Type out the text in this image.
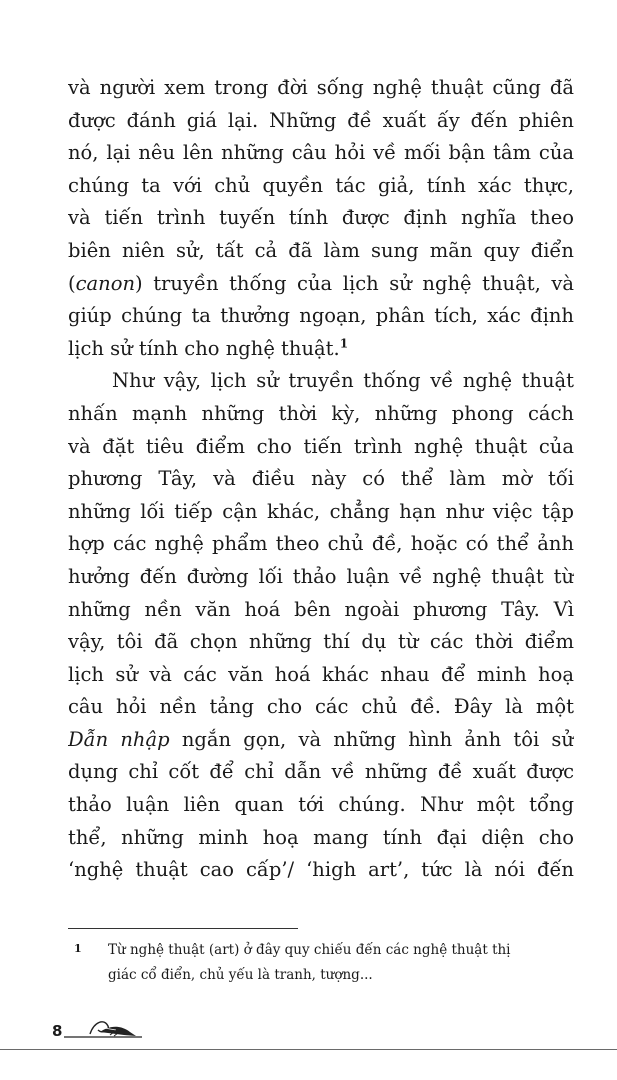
và người xem trong đời sống nghệ thuật cũng đã
được đánh giá lại. Những đề xuất ấy đến phiên
nó, lại nêu lên những câu hỏi về mối bận tâm của
chúng ta với chủ quyền tác giả, tính xác thực,
và tiến trình tuyến tính được định nghĩa theo
biên niên sử, tất cả đã làm sung mãn quy điển
(canon) truyền thống của lịch sử nghệ thuật, và
giúp chúng ta thưởng ngoạn, phân tích, xác định
lịch sử tính cho nghệ thuật.$^1$
Như vậy, lịch sử truyền thống về nghệ thuật
nhấn mạnh những thời kỳ, những phong cách
và đặt tiêu điểm cho tiến trình nghệ thuật của
phương Tây, và điều này có thể làm mờ tối
những lối tiếp cận khác, chẳng hạn như việc tập
hợp các nghệ phẩm theo chủ đề, hoặc có thể ảnh
hưởng đến đường lối thảo luận về nghệ thuật từ
những nền văn hoá bên ngoài phương Tây. Vì
vậy, tôi đã chọn những thí dụ từ các thời điểm
lịch sử và các văn hoá khác nhau để minh hoạ
câu hỏi nền tảng cho các chủ đề. Đây là một
Dẫn nhập ngắn gọn, và những hình ảnh tôi sử
dụng chỉ cốt để chỉ dẫn về những đề xuất được
thảo luận liên quan tới chúng. Như một tổng
thể, những minh hoạ mang tính đại diện cho
‘nghệ thuật cao cấp’/ ‘high art’, tức là nói đến
1	Từ nghệ thuật (art) ở đây quy chiếu đến các nghệ thuật thị
giác cổ điển, chủ yếu là tranh, tượng...
8
